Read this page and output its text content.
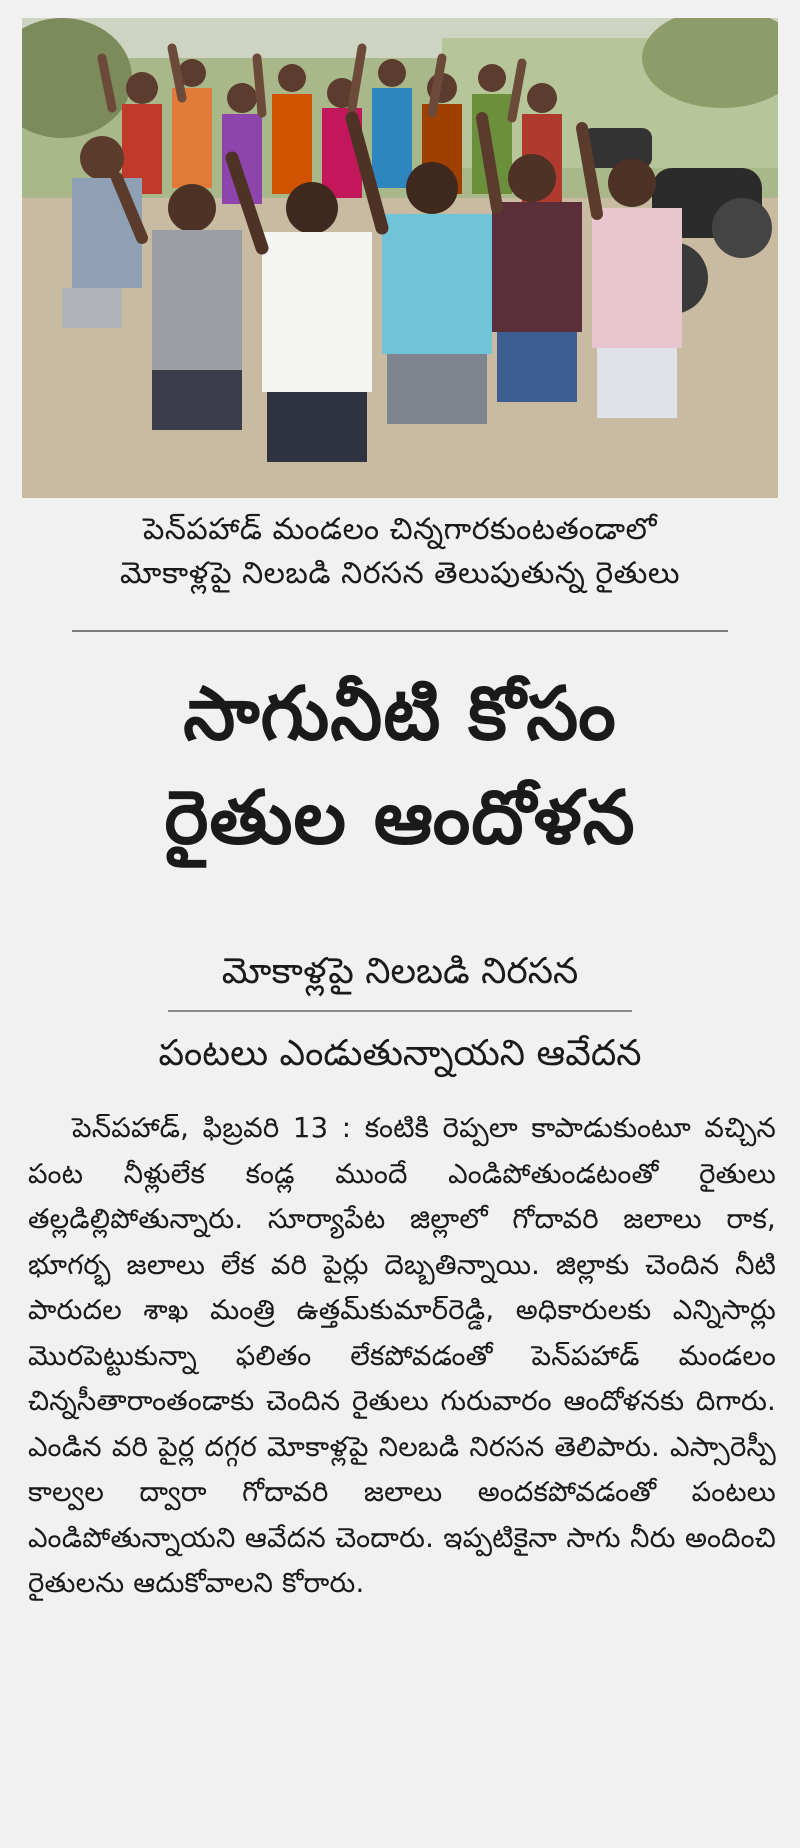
పెన్‌పహాడ్ మండలం చిన్నగారకుంటతండాలో
మోకాళ్లపై నిలబడి నిరసన తెలుపుతున్న రైతులు
సాగునీటి కోసం
రైతుల ఆందోళన
మోకాళ్లపై నిలబడి నిరసన
పంటలు ఎండుతున్నాయని ఆవేదన
పెన్‌పహాడ్, ఫిబ్రవరి 13 : కంటికి రెప్పలా కాపాడుకుంటూ వచ్చిన పంట నీళ్లులేక కండ్ల ముందే ఎండిపోతుండటంతో రైతులు తల్లడిల్లిపోతున్నారు. సూర్యాపేట జిల్లాలో గోదావరి జలాలు రాక, భూగర్భ జలాలు లేక వరి పైర్లు దెబ్బతిన్నాయి. జిల్లాకు చెందిన నీటి పారుదల శాఖ మంత్రి ఉత్తమ్‌కుమార్‌రెడ్డి, అధికారులకు ఎన్నిసార్లు మొరపెట్టుకున్నా ఫలితం లేకపోవడంతో పెన్‌పహాడ్ మండలం చిన్నసీతారాంతండాకు చెందిన రైతులు గురువారం ఆందోళనకు దిగారు. ఎండిన వరి పైర్ల దగ్గర మోకాళ్లపై నిలబడి నిరసన తెలిపారు. ఎస్సారెస్పీ కాల్వల ద్వారా గోదావరి జలాలు అందకపోవడంతో పంటలు ఎండిపోతున్నాయని ఆవేదన చెందారు. ఇప్పటికైనా సాగు నీరు అందించి రైతులను ఆదుకోవాలని కోరారు.
